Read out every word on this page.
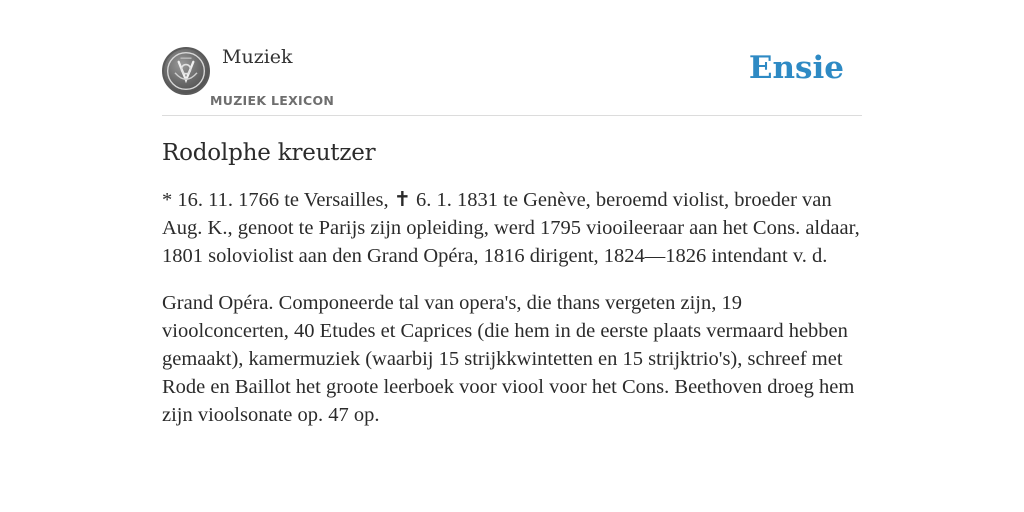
Muziek
MUZIEK LEXICON
Ensie
Rodolphe kreutzer

* 16. 11. 1766 te Versailles, ✝ 6. 1. 1831 te Genève, beroemd violist, broeder van Aug. K., genoot te Parijs zijn opleiding, werd 1795 viooileeraar aan het Cons. aldaar, 1801 soloviolist aan den Grand Opéra, 1816 dirigent, 1824—1826 intendant v. d.

Grand Opéra. Componeerde tal van opera's, die thans vergeten zijn, 19 vioolconcerten, 40 Etudes et Caprices (die hem in de eerste plaats vermaard hebben gemaakt), kamermuziek (waarbij 15 strijkkwintetten en 15 strijktrio's), schreef met Rode en Baillot het groote leerboek voor viool voor het Cons. Beethoven droeg hem zijn vioolsonate op. 47 op.
